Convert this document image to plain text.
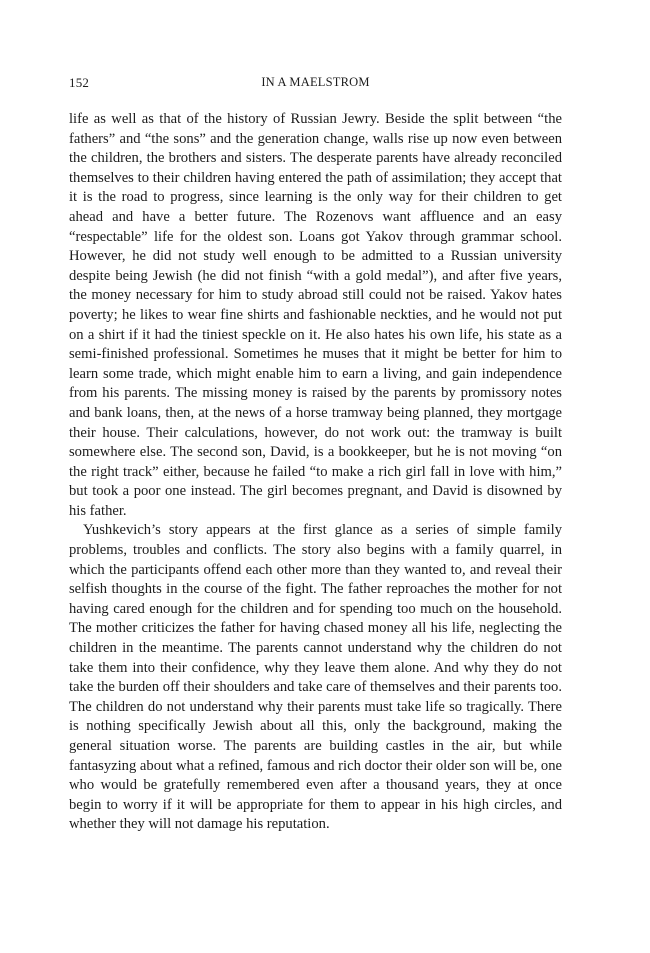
152	IN A MAELSTROM

life as well as that of the history of Russian Jewry. Beside the split between “the fathers” and “the sons” and the generation change, walls rise up now even between the children, the brothers and sisters. The desperate parents have already reconciled themselves to their children having entered the path of assimilation; they accept that it is the road to progress, since learning is the only way for their children to get ahead and have a better future. The Rozenovs want affluence and an easy “respectable” life for the oldest son. Loans got Yakov through grammar school. However, he did not study well enough to be admitted to a Russian university despite being Jewish (he did not finish “with a gold medal”), and after five years, the money necessary for him to study abroad still could not be raised. Yakov hates poverty; he likes to wear fine shirts and fashionable neckties, and he would not put on a shirt if it had the tiniest speckle on it. He also hates his own life, his state as a semi-finished professional. Sometimes he muses that it might be better for him to learn some trade, which might enable him to earn a living, and gain independence from his parents. The missing money is raised by the parents by promissory notes and bank loans, then, at the news of a horse tramway being planned, they mortgage their house. Their calculations, however, do not work out: the tramway is built somewhere else. The second son, David, is a bookkeeper, but he is not moving “on the right track” either, because he failed “to make a rich girl fall in love with him,” but took a poor one instead. The girl becomes pregnant, and David is disowned by his father.

Yushkevich’s story appears at the first glance as a series of simple family problems, troubles and conflicts. The story also begins with a family quarrel, in which the participants offend each other more than they wanted to, and reveal their selfish thoughts in the course of the fight. The father reproaches the mother for not having cared enough for the children and for spending too much on the household. The mother criticizes the father for having chased money all his life, neglecting the children in the meantime. The parents cannot understand why the children do not take them into their confidence, why they leave them alone. And why they do not take the burden off their shoulders and take care of themselves and their parents too. The children do not understand why their parents must take life so tragically. There is nothing specifically Jewish about all this, only the background, making the general situation worse. The parents are building castles in the air, but while fantasyzing about what a refined, famous and rich doctor their older son will be, one who would be gratefully remembered even after a thousand years, they at once begin to worry if it will be appropriate for them to appear in his high circles, and whether they will not damage his reputation.
